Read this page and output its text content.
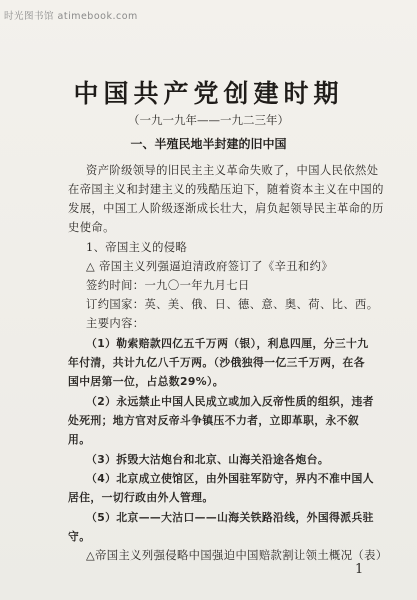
时光图书馆 atimebook.com
中国共产党创建时期
（一九一九年——一九二三年）
一、半殖民地半封建的旧中国
资产阶级领导的旧民主主义革命失败了，中国人民依然处
在帝国主义和封建主义的残酷压迫下，随着资本主义在中国的
发展，中国工人阶级逐渐成长壮大，肩负起领导民主革命的历
史使命。
1、帝国主义的侵略
△ 帝国主义列强逼迫清政府签订了《辛丑和约》
签约时间：一九〇一年九月七日
订约国家：英、美、俄、日、德、意、奥、荷、比、西。
主要内容：
（1）勒索赔款四亿五千万两（银），利息四厘，分三十九
年付清，共计九亿八千万两。（沙俄独得一亿三千万两，在各
国中居第一位，占总数29%）。
（2）永远禁止中国人民成立或加入反帝性质的组织，违者
处死刑；地方官对反帝斗争镇压不力者，立即革职，永不叙
用。
（3）拆毁大沽炮台和北京、山海关沿途各炮台。
（4）北京成立使馆区，由外国驻军防守，界内不准中国人
居住，一切行政由外人管理。
（5）北京——大沽口——山海关铁路沿线，外国得派兵驻
守。
△帝国主义列强侵略中国强迫中国赔款割让领土概况（表）
1
